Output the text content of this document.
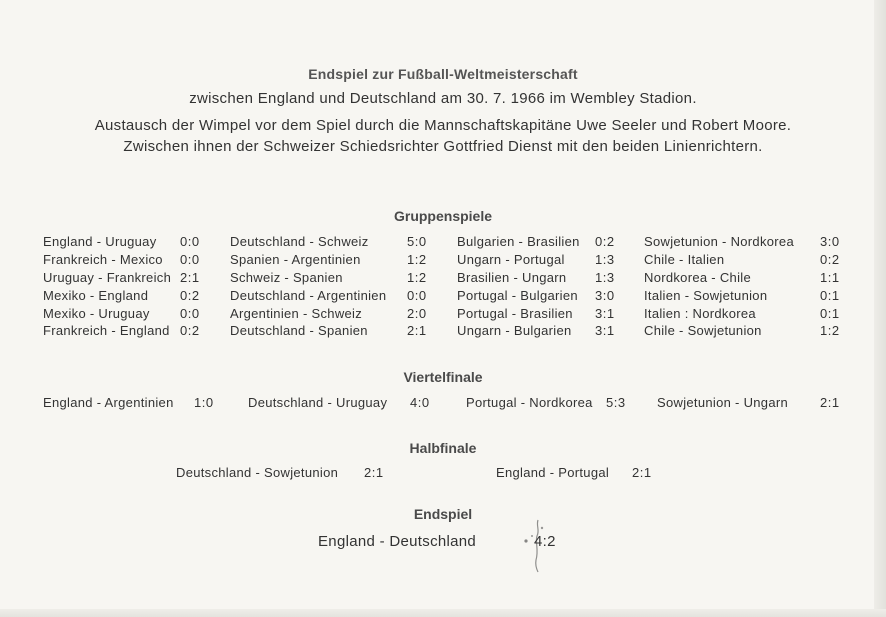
Endspiel zur Fußball-Weltmeisterschaft
zwischen England und Deutschland am 30. 7. 1966 im Wembley Stadion.
Austausch der Wimpel vor dem Spiel durch die Mannschaftskapitäne Uwe Seeler und Robert Moore.
Zwischen ihnen der Schweizer Schiedsrichter Gottfried Dienst mit den beiden Linienrichtern.
Gruppenspiele
England - Uruguay 0:0
Frankreich - Mexico 0:0
Uruguay - Frankreich 2:1
Mexiko - England 0:2
Mexiko - Uruguay 0:0
Frankreich - England 0:2
Deutschland - Schweiz	5:0
Spanien - Argentinien	1:2
Schweiz - Spanien	1:2
Deutschland - Argentinien 0:0
Argentinien - Schweiz	2:0
Deutschland - Spanien	2:1
Bulgarien - Brasilien 0:2
Ungarn - Portugal 1:3
Brasilien - Ungarn 1:3
Portugal - Bulgarien 3:0
Portugal - Brasilien 3:1
Ungarn - Bulgarien 3:1
Sowjetunion - Nordkorea 3:0
Chile - Italien	0:2
Nordkorea - Chile	1:1
Italien - Sowjetunion	0:1
Italien : Nordkorea	0:1
Chile - Sowjetunion	1:2
Viertelfinale
England - Argentinien 1:0	Deutschland - Uruguay 4:0	Portugal - Nordkorea 5:3 Sowjetunion - Ungarn 2:1
Halbfinale
Deutschland - Sowjetunion 2:1	England - Portugal 2:1
Endspiel
England - Deutschland	4:2
